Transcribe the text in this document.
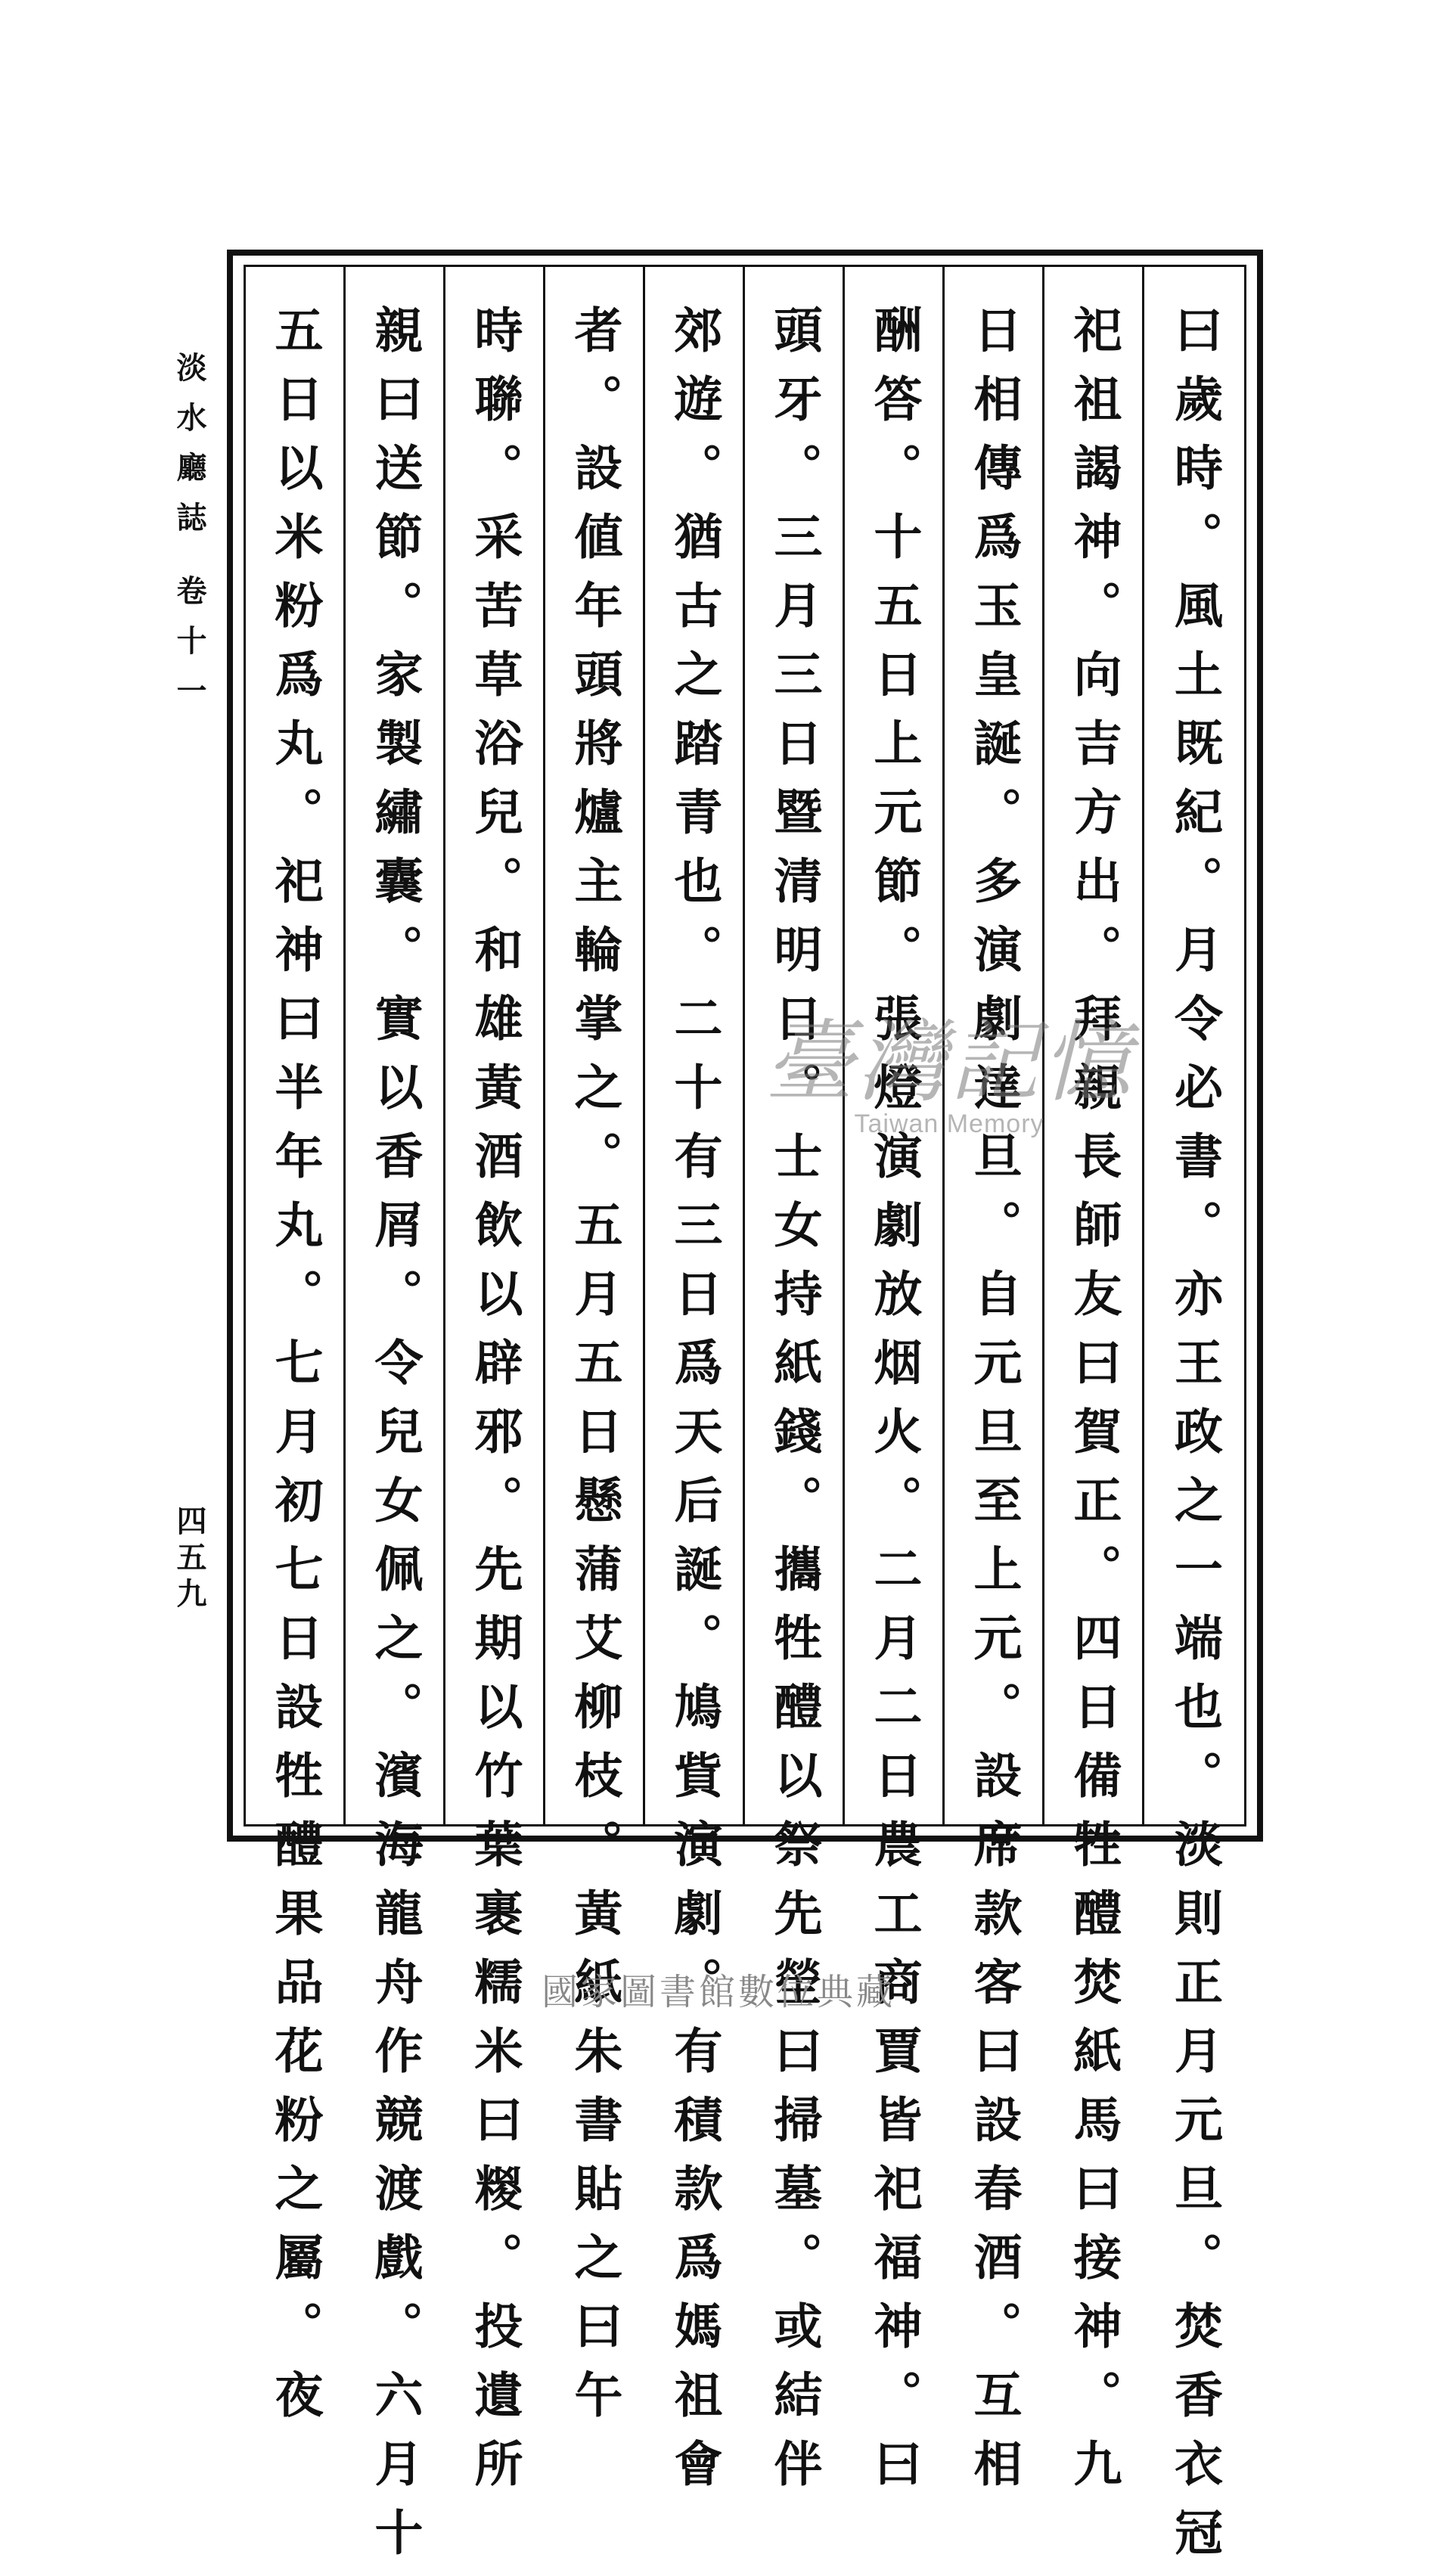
曰歲時。風土既紀。月令必書。亦王政之一端也。淡則正月元旦。焚香衣冠
祀祖謁神。向吉方出。拜親長師友曰賀正。四日備牲醴焚紙馬曰接神。九
日相傳爲玉皇誕。多演劇達旦。自元旦至上元。設席款客曰設春酒。互相
酬答。十五日上元節。張燈演劇放烟火。二月二日農工商賈皆祀福神。曰
頭牙。三月三日暨清明日。士女持紙錢。攜牲醴以祭先塋曰掃墓。或結伴
郊遊。猶古之踏青也。二十有三日爲天后誕。鳩貲演劇。有積款爲媽祖會
者。設値年頭將爐主輪掌之。五月五日懸蒲艾柳枝。黃紙朱書貼之曰午
時聯。采苦草浴兒。和雄黃酒飲以辟邪。先期以竹葉裹糯米曰糉。投遺所
親曰送節。家製繡囊。實以香屑。令兒女佩之。濱海龍舟作競渡戲。六月十
五日以米粉爲丸。祀神曰半年丸。七月初七日設牲醴果品花粉之屬。夜
淡水廳誌
卷十一
四五九
臺灣記憶
Taiwan Memory
國家圖書館數位典藏
